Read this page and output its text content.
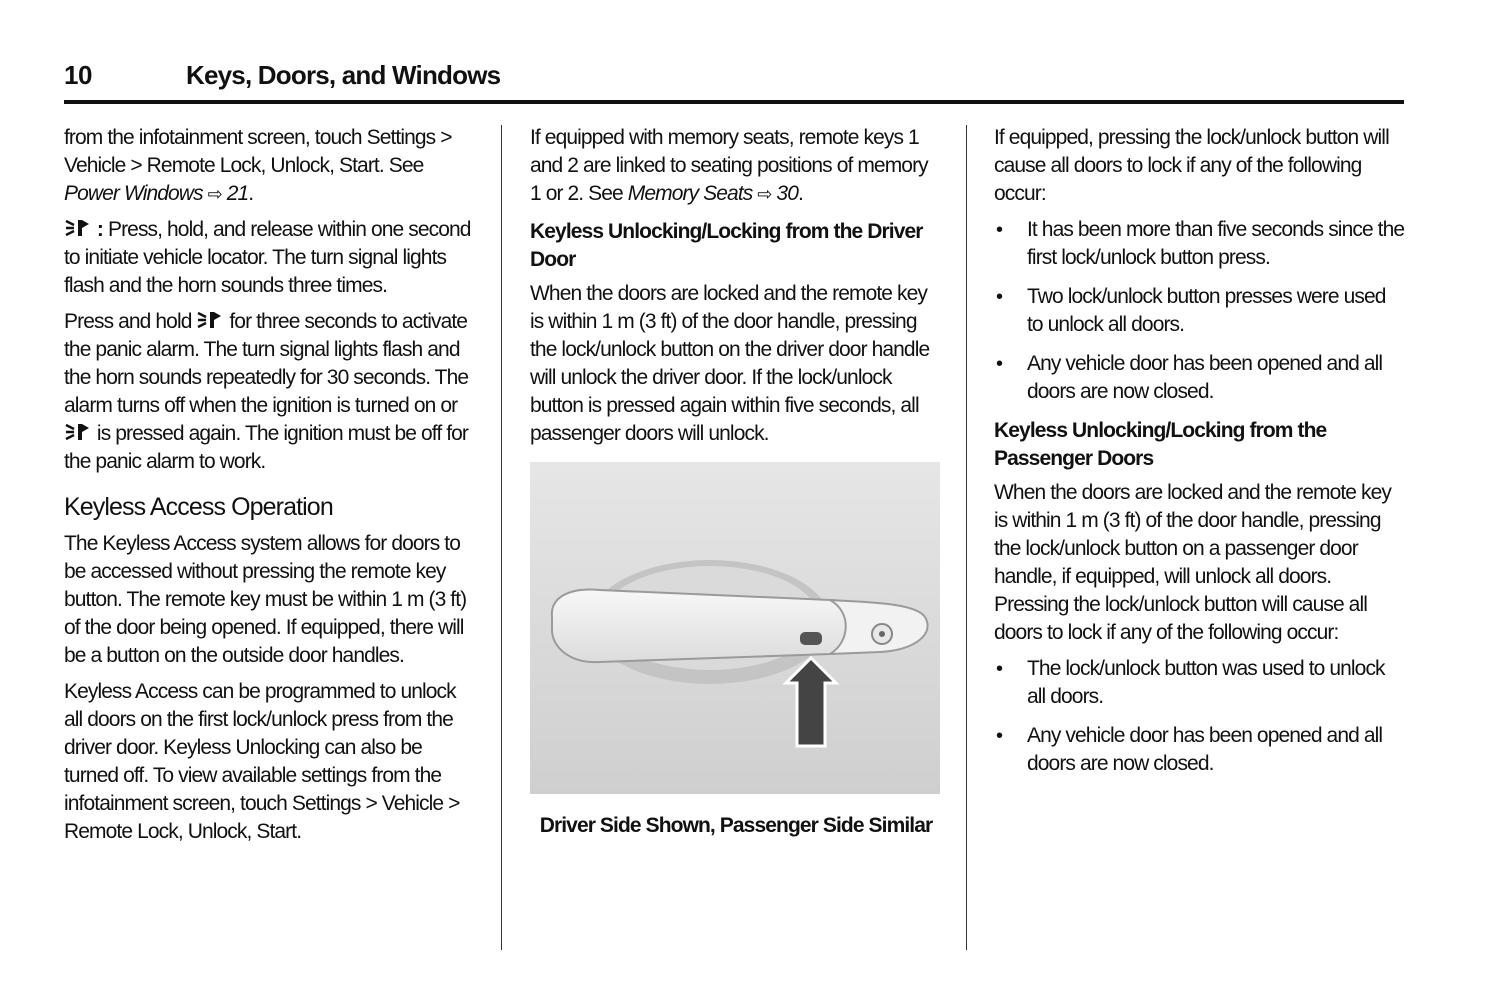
10	Keys, Doors, and Windows

from the infotainment screen, touch Settings > Vehicle > Remote Lock, Unlock, Start. See Power Windows ⇨ 21.

: Press, hold, and release within one second to initiate vehicle locator. The turn signal lights flash and the horn sounds three times.

Press and hold  for three seconds to activate the panic alarm. The turn signal lights flash and the horn sounds repeatedly for 30 seconds. The alarm turns off when the ignition is turned on or  is pressed again. The ignition must be off for the panic alarm to work.

Keyless Access Operation

The Keyless Access system allows for doors to be accessed without pressing the remote key button. The remote key must be within 1 m (3 ft) of the door being opened. If equipped, there will be a button on the outside door handles.

Keyless Access can be programmed to unlock all doors on the first lock/unlock press from the driver door. Keyless Unlocking can also be turned off. To view available settings from the infotainment screen, touch Settings > Vehicle > Remote Lock, Unlock, Start.

If equipped with memory seats, remote keys 1 and 2 are linked to seating positions of memory 1 or 2. See Memory Seats ⇨ 30.

Keyless Unlocking/Locking from the Driver Door

When the doors are locked and the remote key is within 1 m (3 ft) of the door handle, pressing the lock/unlock button on the driver door handle will unlock the driver door. If the lock/unlock button is pressed again within five seconds, all passenger doors will unlock.

Driver Side Shown, Passenger Side Similar

If equipped, pressing the lock/unlock button will cause all doors to lock if any of the following occur:

• It has been more than five seconds since the first lock/unlock button press.
• Two lock/unlock button presses were used to unlock all doors.
• Any vehicle door has been opened and all doors are now closed.
Keyless Unlocking/Locking from the Passenger Doors

When the doors are locked and the remote key is within 1 m (3 ft) of the door handle, pressing the lock/unlock button on a passenger door handle, if equipped, will unlock all doors. Pressing the lock/unlock button will cause all doors to lock if any of the following occur:

• The lock/unlock button was used to unlock all doors.
• Any vehicle door has been opened and all doors are now closed.
